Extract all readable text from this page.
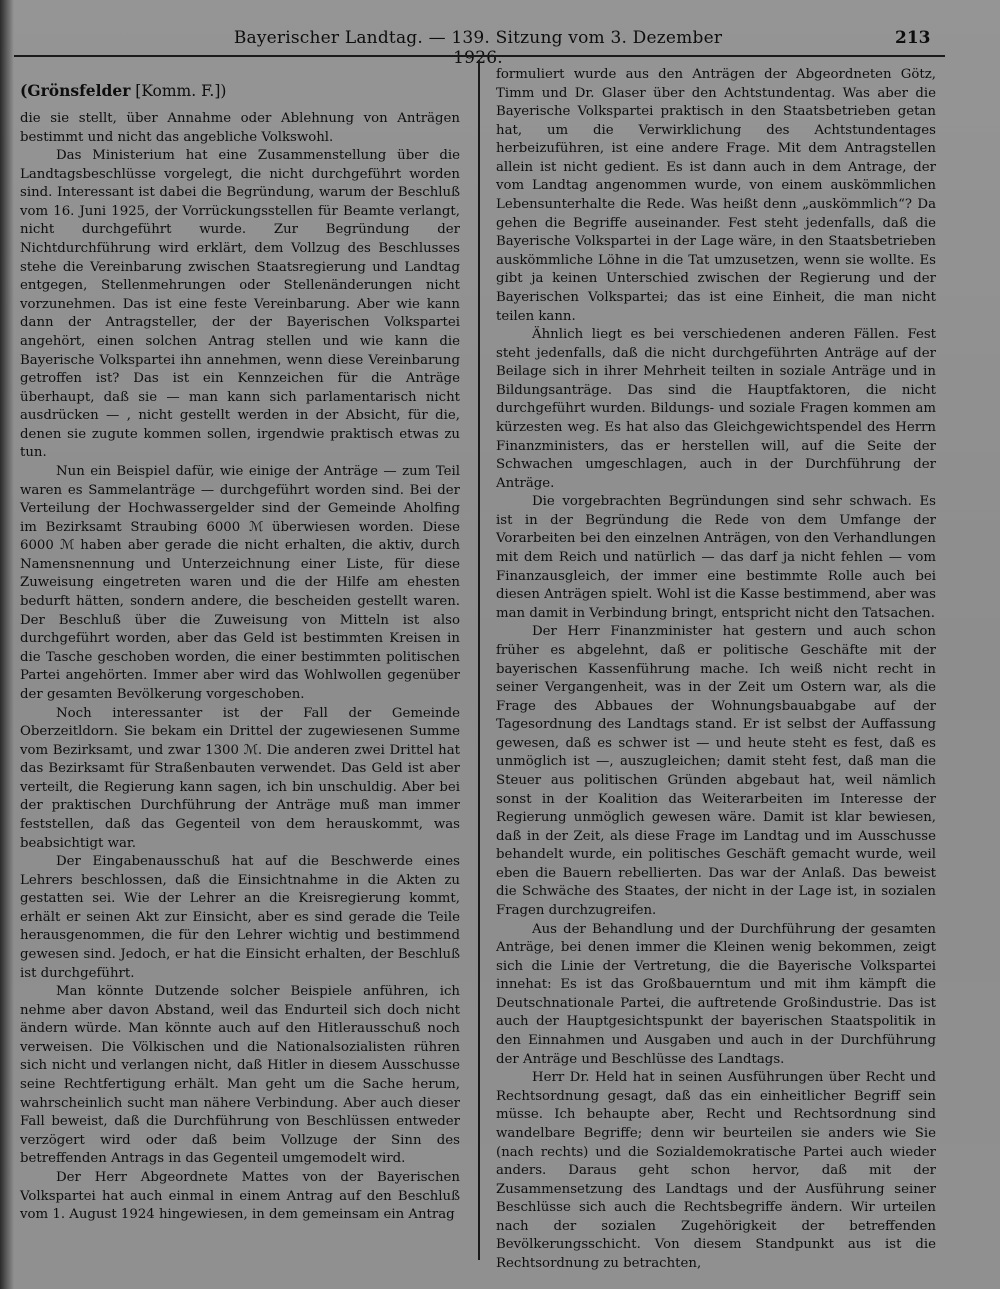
Bayerischer Landtag. — 139. Sitzung vom 3. Dezember 1926.
213
(Grönsfelder [Komm. F.])

die sie stellt, über Annahme oder Ablehnung von Anträgen bestimmt und nicht das angebliche Volkswohl.

Das Ministerium hat eine Zusammenstellung über die Landtagsbeschlüsse vorgelegt, die nicht durchgeführt worden sind. Interessant ist dabei die Begründung, warum der Beschluß vom 16. Juni 1925, der Vorrückungsstellen für Beamte verlangt, nicht durchgeführt wurde. Zur Begründung der Nichtdurchführung wird erklärt, dem Vollzug des Beschlusses stehe die Vereinbarung zwischen Staatsregierung und Landtag entgegen, Stellenmehrungen oder Stellenänderungen nicht vorzunehmen. Das ist eine feste Vereinbarung. Aber wie kann dann der Antragsteller, der der Bayerischen Volkspartei angehört, einen solchen Antrag stellen und wie kann die Bayerische Volkspartei ihn annehmen, wenn diese Vereinbarung getroffen ist? Das ist ein Kennzeichen für die Anträge überhaupt, daß sie — man kann sich parlamentarisch nicht ausdrücken — , nicht gestellt werden in der Absicht, für die, denen sie zugute kommen sollen, irgendwie praktisch etwas zu tun.

Nun ein Beispiel dafür, wie einige der Anträge — zum Teil waren es Sammelanträge — durchgeführt worden sind. Bei der Verteilung der Hochwassergelder sind der Gemeinde Aholfing im Bezirksamt Straubing 6000 ℳ überwiesen worden. Diese 6000 ℳ haben aber gerade die nicht erhalten, die aktiv, durch Namensnennung und Unterzeichnung einer Liste, für diese Zuweisung eingetreten waren und die der Hilfe am ehesten bedurft hätten, sondern andere, die bescheiden gestellt waren. Der Beschluß über die Zuweisung von Mitteln ist also durchgeführt worden, aber das Geld ist bestimmten Kreisen in die Tasche geschoben worden, die einer bestimmten politischen Partei angehörten. Immer aber wird das Wohlwollen gegenüber der gesamten Bevölkerung vorgeschoben.

Noch interessanter ist der Fall der Gemeinde Oberzeitldorn. Sie bekam ein Drittel der zugewiesenen Summe vom Bezirksamt, und zwar 1300 ℳ. Die anderen zwei Drittel hat das Bezirksamt für Straßenbauten verwendet. Das Geld ist aber verteilt, die Regierung kann sagen, ich bin unschuldig. Aber bei der praktischen Durchführung der Anträge muß man immer feststellen, daß das Gegenteil von dem herauskommt, was beabsichtigt war.

Der Eingabenausschuß hat auf die Beschwerde eines Lehrers beschlossen, daß die Einsichtnahme in die Akten zu gestatten sei. Wie der Lehrer an die Kreisregierung kommt, erhält er seinen Akt zur Einsicht, aber es sind gerade die Teile herausgenommen, die für den Lehrer wichtig und bestimmend gewesen sind. Jedoch, er hat die Einsicht erhalten, der Beschluß ist durchgeführt.

Man könnte Dutzende solcher Beispiele anführen, ich nehme aber davon Abstand, weil das Endurteil sich doch nicht ändern würde. Man könnte auch auf den Hitlerausschuß noch verweisen. Die Völkischen und die Nationalsozialisten rühren sich nicht und verlangen nicht, daß Hitler in diesem Ausschusse seine Rechtfertigung erhält. Man geht um die Sache herum, wahrscheinlich sucht man nähere Verbindung. Aber auch dieser Fall beweist, daß die Durchführung von Beschlüssen entweder verzögert wird oder daß beim Vollzuge der Sinn des betreffenden Antrags in das Gegenteil umgemodelt wird.

Der Herr Abgeordnete Mattes von der Bayerischen Volkspartei hat auch einmal in einem Antrag auf den Beschluß vom 1. August 1924 hingewiesen, in dem gemeinsam ein Antrag

formuliert wurde aus den Anträgen der Abgeordneten Götz, Timm und Dr. Glaser über den Achtstundentag. Was aber die Bayerische Volkspartei praktisch in den Staatsbetrieben getan hat, um die Verwirklichung des Achtstundentages herbeizuführen, ist eine andere Frage. Mit dem Antragstellen allein ist nicht gedient. Es ist dann auch in dem Antrage, der vom Landtag angenommen wurde, von einem auskömmlichen Lebensunterhalte die Rede. Was heißt denn „auskömmlich“? Da gehen die Begriffe auseinander. Fest steht jedenfalls, daß die Bayerische Volkspartei in der Lage wäre, in den Staatsbetrieben auskömmliche Löhne in die Tat umzusetzen, wenn sie wollte. Es gibt ja keinen Unterschied zwischen der Regierung und der Bayerischen Volkspartei; das ist eine Einheit, die man nicht teilen kann.

Ähnlich liegt es bei verschiedenen anderen Fällen. Fest steht jedenfalls, daß die nicht durchgeführten Anträge auf der Beilage sich in ihrer Mehrheit teilten in soziale Anträge und in Bildungsanträge. Das sind die Hauptfaktoren, die nicht durchgeführt wurden. Bildungs- und soziale Fragen kommen am kürzesten weg. Es hat also das Gleichgewichtspendel des Herrn Finanzministers, das er herstellen will, auf die Seite der Schwachen umgeschlagen, auch in der Durchführung der Anträge.

Die vorgebrachten Begründungen sind sehr schwach. Es ist in der Begründung die Rede von dem Umfange der Vorarbeiten bei den einzelnen Anträgen, von den Verhandlungen mit dem Reich und natürlich — das darf ja nicht fehlen — vom Finanzausgleich, der immer eine bestimmte Rolle auch bei diesen Anträgen spielt. Wohl ist die Kasse bestimmend, aber was man damit in Verbindung bringt, entspricht nicht den Tatsachen.

Der Herr Finanzminister hat gestern und auch schon früher es abgelehnt, daß er politische Geschäfte mit der bayerischen Kassenführung mache. Ich weiß nicht recht in seiner Vergangenheit, was in der Zeit um Ostern war, als die Frage des Abbaues der Wohnungsbauabgabe auf der Tagesordnung des Landtags stand. Er ist selbst der Auffassung gewesen, daß es schwer ist — und heute steht es fest, daß es unmöglich ist —, auszugleichen; damit steht fest, daß man die Steuer aus politischen Gründen abgebaut hat, weil nämlich sonst in der Koalition das Weiterarbeiten im Interesse der Regierung unmöglich gewesen wäre. Damit ist klar bewiesen, daß in der Zeit, als diese Frage im Landtag und im Ausschusse behandelt wurde, ein politisches Geschäft gemacht wurde, weil eben die Bauern rebellierten. Das war der Anlaß. Das beweist die Schwäche des Staates, der nicht in der Lage ist, in sozialen Fragen durchzugreifen.

Aus der Behandlung und der Durchführung der gesamten Anträge, bei denen immer die Kleinen wenig bekommen, zeigt sich die Linie der Vertretung, die die Bayerische Volkspartei innehat: Es ist das Großbauerntum und mit ihm kämpft die Deutschnationale Partei, die auftretende Großindustrie. Das ist auch der Hauptgesichtspunkt der bayerischen Staatspolitik in den Einnahmen und Ausgaben und auch in der Durchführung der Anträge und Beschlüsse des Landtags.

Herr Dr. Held hat in seinen Ausführungen über Recht und Rechtsordnung gesagt, daß das ein einheitlicher Begriff sein müsse. Ich behaupte aber, Recht und Rechtsordnung sind wandelbare Begriffe; denn wir beurteilen sie anders wie Sie (nach rechts) und die Sozialdemokratische Partei auch wieder anders. Daraus geht schon hervor, daß mit der Zusammensetzung des Landtags und der Ausführung seiner Beschlüsse sich auch die Rechtsbegriffe ändern. Wir urteilen nach der sozialen Zugehörigkeit der betreffenden Bevölkerungsschicht. Von diesem Standpunkt aus ist die Rechtsordnung zu betrachten,
